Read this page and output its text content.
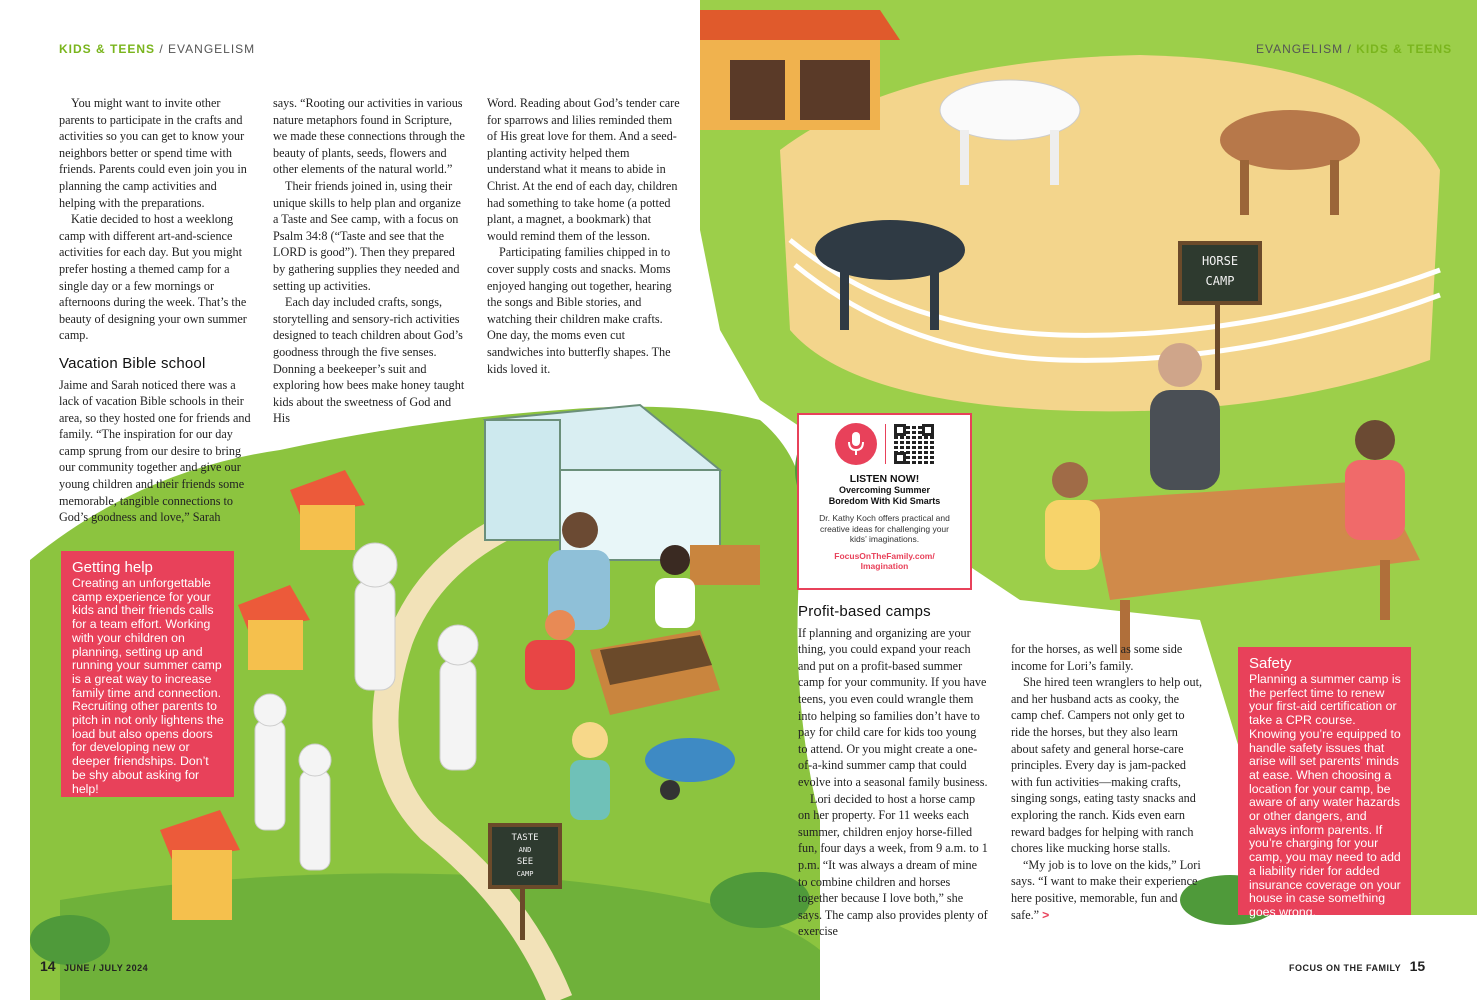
KIDS & TEENS / EVANGELISM	EVANGELISM / KIDS & TEENS

You might want to invite other parents to participate in the crafts and activities so you can get to know your neighbors better or spend time with friends. Parents could even join you in planning the camp activities and helping with the preparations.

Katie decided to host a weeklong camp with different art-and-science activities for each day. But you might prefer hosting a themed camp for a single day or a few mornings or afternoons during the week. That’s the beauty of designing your own summer camp.

Vacation Bible school

Jaime and Sarah noticed there was a lack of vacation Bible schools in their area, so they hosted one for friends and family. “The inspiration for our day camp sprung from our desire to bring our community together and give our young children and their friends some memorable, tangible connections to God’s goodness and love,” Sarah

says. “Rooting our activities in various nature metaphors found in Scripture, we made these connections through the beauty of plants, seeds, flowers and other elements of the natural world.”

Their friends joined in, using their unique skills to help plan and organize a Taste and See camp, with a focus on Psalm 34:8 (“Taste and see that the LORD is good”). Then they prepared by gathering supplies they needed and setting up activities.

Each day included crafts, songs, storytelling and sensory-rich activities designed to teach children about God’s goodness through the five senses. Donning a beekeeper’s suit and exploring how bees make honey taught kids about the sweetness of God and His

Word. Reading about God’s tender care for sparrows and lilies reminded them of His great love for them. And a seed-planting activity helped them understand what it means to abide in Christ. At the end of each day, children had something to take home (a potted plant, a magnet, a bookmark) that would remind them of the lesson.

Participating families chipped in to cover supply costs and snacks. Moms enjoyed hanging out together, hearing the songs and Bible stories, and watching their children make crafts. One day, the moms even cut sandwiches into butterfly shapes. The kids loved it.

Getting help

Creating an unforgettable camp experience for your kids and their friends calls for a team effort. Working with your children on planning, setting up and running your summer camp is a great way to increase family time and connection. Recruiting other parents to pitch in not only lightens the load but also opens doors for developing new or deeper friendships. Don’t be shy about asking for help!

LISTEN NOW!
Overcoming Summer Boredom With Kid Smarts
Dr. Kathy Koch offers practical and creative ideas for challenging your kids’ imaginations.
FocusOnTheFamily.com/ Imagination
Profit-based camps

If planning and organizing are your thing, you could expand your reach and put on a profit-based summer camp for your community. If you have teens, you even could wrangle them into helping so families don’t have to pay for child care for kids too young to attend. Or you might create a one-of-a-kind summer camp that could evolve into a seasonal family business.

Lori decided to host a horse camp on her property. For 11 weeks each summer, children enjoy horse-filled fun, four days a week, from 9 a.m. to 1 p.m. “It was always a dream of mine to combine children and horses together because I love both,” she says. The camp also provides plenty of exercise

for the horses, as well as some side income for Lori’s family.

She hired teen wranglers to help out, and her husband acts as cooky, the camp chef. Campers not only get to ride the horses, but they also learn about safety and general horse-care principles. Every day is jam-packed with fun activities—making crafts, singing songs, eating tasty snacks and exploring the ranch. Kids even earn reward badges for helping with ranch chores like mucking horse stalls.

“My job is to love on the kids,” Lori says. “I want to make their experience here positive, memorable, fun and safe.” >

Safety

Planning a summer camp is the perfect time to renew your first-aid certification or take a CPR course. Knowing you’re equipped to handle safety issues that arise will set parents’ minds at ease. When choosing a location for your camp, be aware of any water hazards or other dangers, and always inform parents. If you’re charging for your camp, you may need to add a liability rider for added insurance coverage on your house in case something goes wrong.

HORSE
CAMP
TASTE
AND
SEE
CAMP
14 JUNE / JULY 2024	FOCUS ON THE FAMILY 15
